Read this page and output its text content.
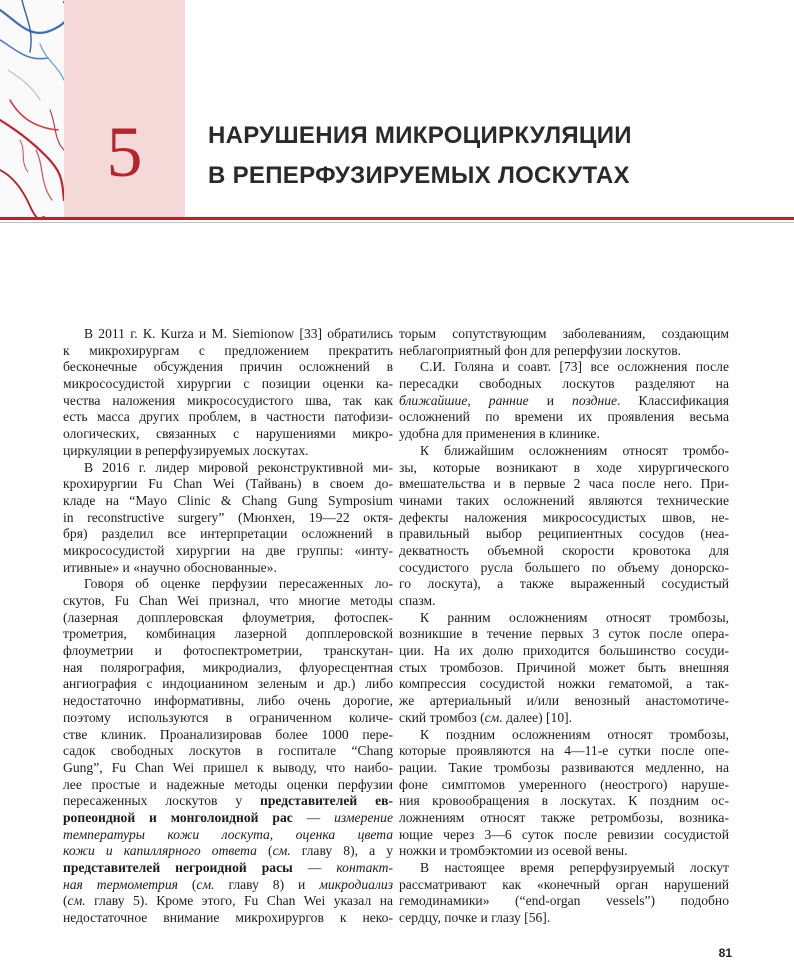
5	НАРУШЕНИЯ МИКРОЦИРКУЛЯЦИИ
В РЕПЕРФУЗИРУЕМЫХ ЛОСКУТАХ
В 2011 г. К. Kurza и M. Siemionow [33] обратились
к микрохирургам с предложением прекратить
бесконечные обсуждения причин осложнений в
микрососудистой хирургии с позиции оценки ка-
чества наложения микрососудистого шва, так как
есть масса других проблем, в частности патофизи-
ологических, связанных с нарушениями микро-
циркуляции в реперфузируемых лоскутах.
В 2016 г. лидер мировой реконструктивной ми-
крохирургии Fu Chan Wei (Тайвань) в своем до-
кладе на “Mayo Clinic & Chang Gung Symposium
in reconstructive surgery” (Мюнхен, 19—22 октя-
бря) разделил все интерпретации осложнений в
микрососудистой хирургии на две группы: «инту-
итивные» и «научно обоснованные».
Говоря об оценке перфузии пересаженных ло-
скутов, Fu Chan Wei признал, что многие методы
(лазерная допплеровская флоуметрия, фотоспек-
трометрия, комбинация лазерной допплеровской
флоуметрии и фотоспектрометрии, транскутан-
ная полярография, микродиализ, флуоресцентная
ангиография с индоцианином зеленым и др.) либо
недостаточно информативны, либо очень дорогие,
поэтому используются в ограниченном количе-
стве клиник. Проанализировав более 1000 пере-
садок свободных лоскутов в госпитале “Chang
Gung”, Fu Chan Wei пришел к выводу, что наибо-
лее простые и надежные методы оценки перфузии
пересаженных лоскутов у представителей ев-
ропеоидной и монголоидной рас — измерение
температуры кожи лоскута, оценка цвета
кожи и капиллярного ответа (см. главу 8), а у
представителей негроидной расы — контакт-
ная термометрия (см. главу 8) и микродиализ
(см. главу 5). Кроме этого, Fu Chan Wei указал на
недостаточное внимание микрохирургов к неко-
торым сопутствующим заболеваниям, создающим
неблагоприятный фон для реперфузии лоскутов.
С.И. Голяна и соавт. [73] все осложнения после
пересадки свободных лоскутов разделяют на
ближайшие, ранние и поздние. Классификация
осложнений по времени их проявления весьма
удобна для применения в клинике.
К ближайшим осложнениям относят тромбо-
зы, которые возникают в ходе хирургического
вмешательства и в первые 2 часа после него. При-
чинами таких осложнений являются технические
дефекты наложения микрососудистых швов, не-
правильный выбор реципиентных сосудов (неа-
декватность объемной скорости кровотока для
сосудистого русла большего по объему донорско-
го лоскута), а также выраженный сосудистый
спазм.
К ранним осложнениям относят тромбозы,
возникшие в течение первых 3 суток после опера-
ции. На их долю приходится большинство сосуди-
стых тромбозов. Причиной может быть внешняя
компрессия сосудистой ножки гематомой, а так-
же артериальный и/или венозный анастомотиче-
ский тромбоз (см. далее) [10].
К поздним осложнениям относят тромбозы,
которые проявляются на 4—11-е сутки после опе-
рации. Такие тромбозы развиваются медленно, на
фоне симптомов умеренного (неострого) наруше-
ния кровообращения в лоскутах. К поздним ос-
ложнениям относят также ретромбозы, возника-
ющие через 3—6 суток после ревизии сосудистой
ножки и тромбэктомии из осевой вены.
В настоящее время реперфузируемый лоскут
рассматривают как «конечный орган нарушений
гемодинамики» (“end-organ vessels”) подобно
сердцу, почке и глазу [56].
81
